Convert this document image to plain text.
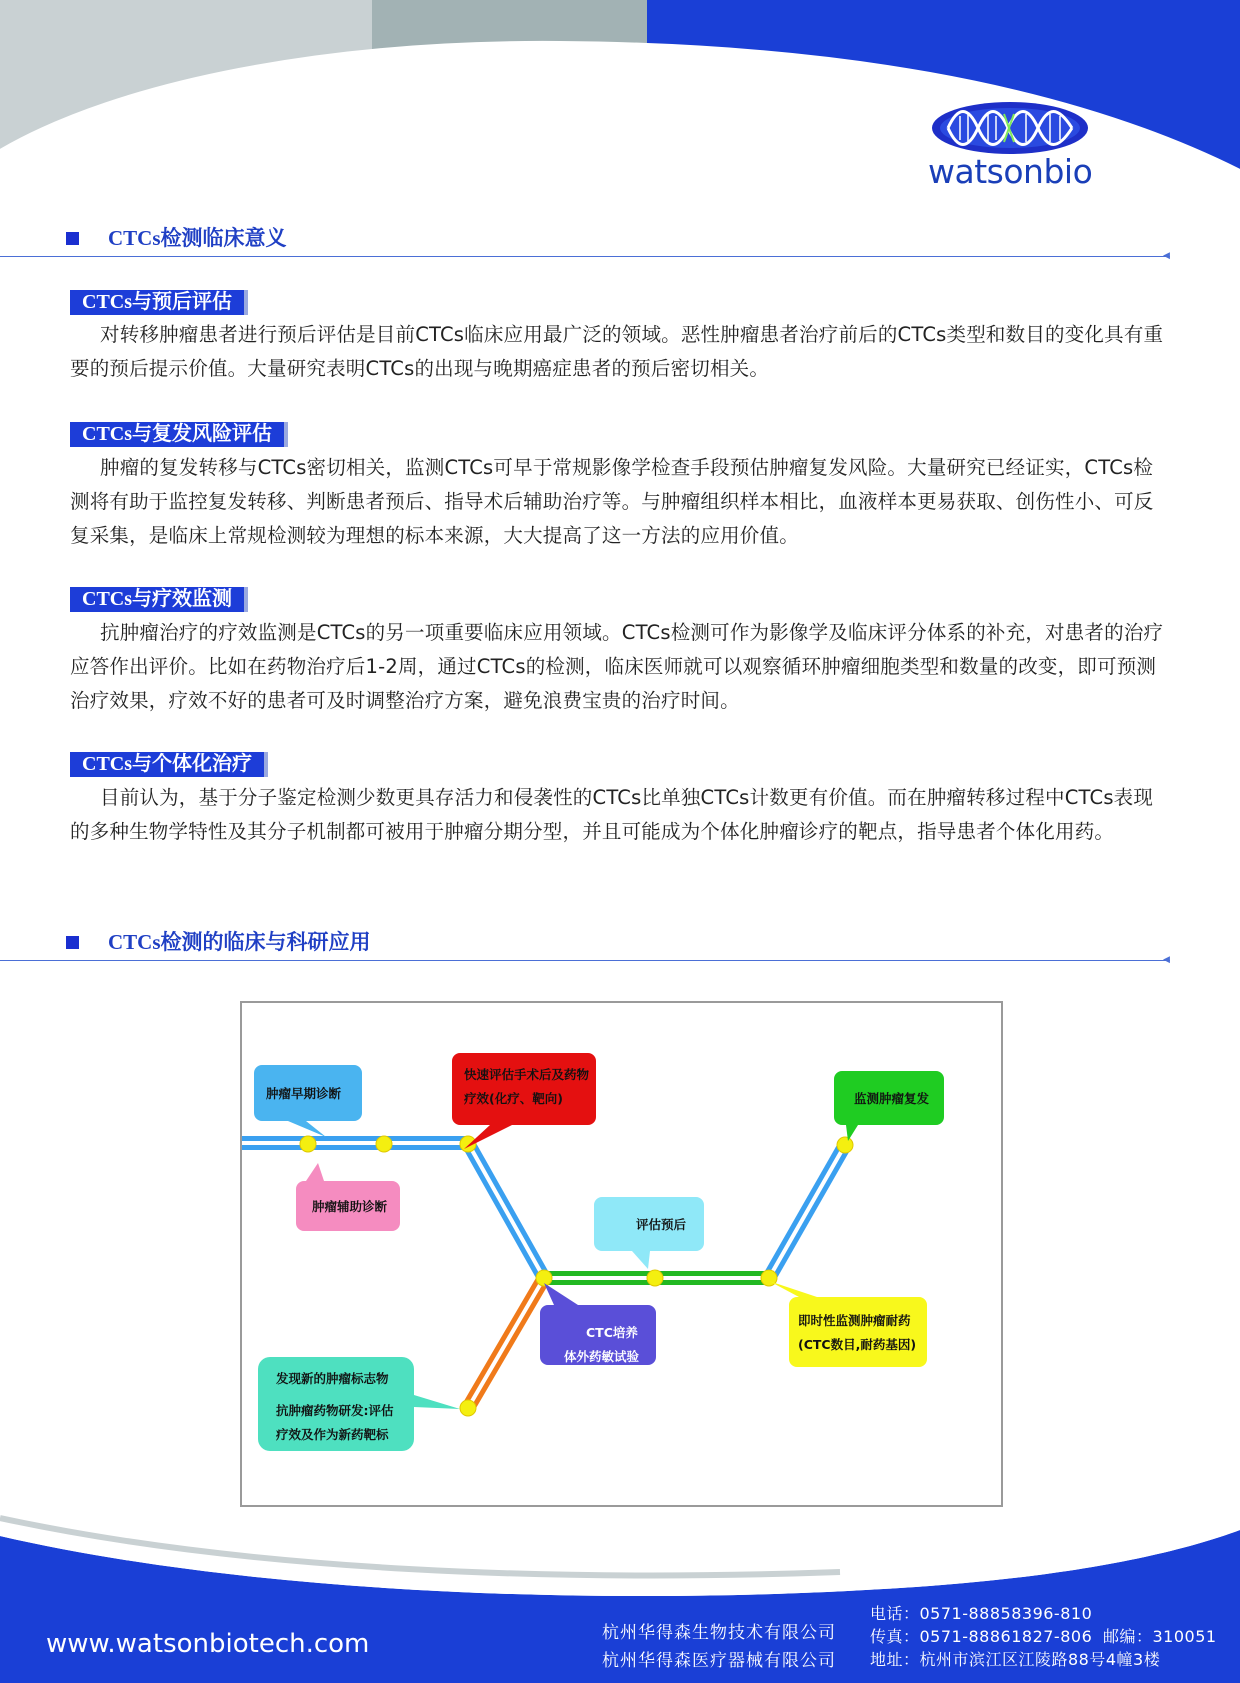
watsonbio
CTCs检测临床意义
◀
CTCs与预后评估
对转移肿瘤患者进行预后评估是目前CTCs临床应用最广泛的领域。恶性肿瘤患者治疗前后的CTCs类型和数目的变化具有重要的预后提示价值。大量研究表明CTCs的出现与晚期癌症患者的预后密切相关。
CTCs与复发风险评估
肿瘤的复发转移与CTCs密切相关，监测CTCs可早于常规影像学检查手段预估肿瘤复发风险。大量研究已经证实，CTCs检测将有助于监控复发转移、判断患者预后、指导术后辅助治疗等。与肿瘤组织样本相比，血液样本更易获取、创伤性小、可反复采集，是临床上常规检测较为理想的标本来源，大大提高了这一方法的应用价值。
CTCs与疗效监测
抗肿瘤治疗的疗效监测是CTCs的另一项重要临床应用领域。CTCs检测可作为影像学及临床评分体系的补充，对患者的治疗应答作出评价。比如在药物治疗后1-2周，通过CTCs的检测，临床医师就可以观察循环肿瘤细胞类型和数量的改变，即可预测治疗效果，疗效不好的患者可及时调整治疗方案，避免浪费宝贵的治疗时间。
CTCs与个体化治疗
目前认为，基于分子鉴定检测少数更具存活力和侵袭性的CTCs比单独CTCs计数更有价值。而在肿瘤转移过程中CTCs表现的多种生物学特性及其分子机制都可被用于肿瘤分期分型，并且可能成为个体化肿瘤诊疗的靶点，指导患者个体化用药。
CTCs检测的临床与科研应用
◀
肿瘤早期诊断
肿瘤辅助诊断
快速评估手术后及药物
疗效(化疗、靶向)
评估预后
CTC培养
体外药敏试验
监测肿瘤复发
即时性监测肿瘤耐药
(CTC数目,耐药基因)
发现新的肿瘤标志物
抗肿瘤药物研发:评估
疗效及作为新药靶标
www.watsonbiotech.com	杭州华得森生物技术有限公司
杭州华得森医疗器械有限公司
电话：0571-88858396-810
传真：0571-88861827-806 邮编：310051
地址：杭州市滨江区江陵路88号4幢3楼
